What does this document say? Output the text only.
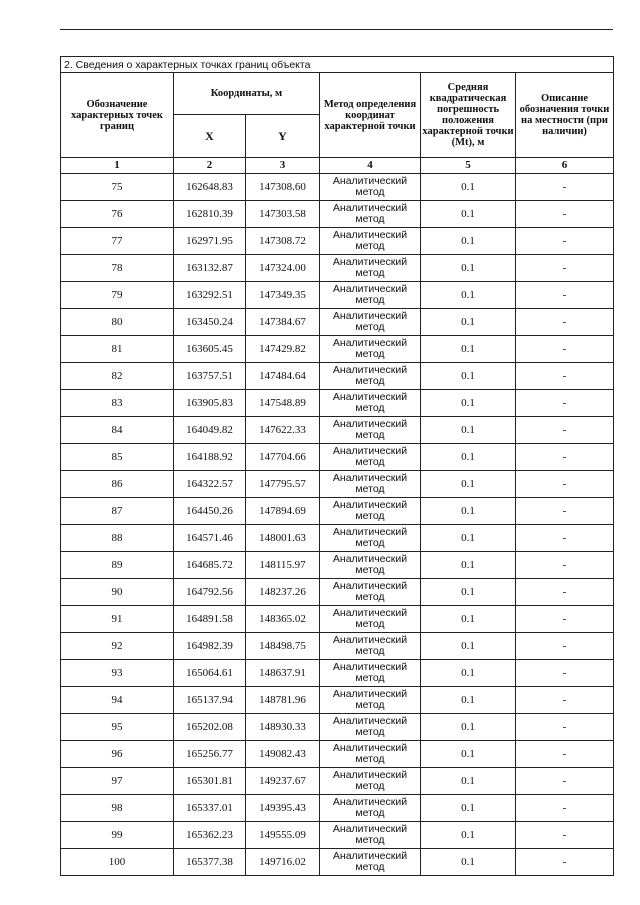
2. Сведения о характерных точках границ объекта					
Обозначение характерных точек границ	Координаты, м		Метод определения координат характерной точки	Средняя квадратическая погрешность положения характерной точки (Mt), м	Описание обозначения точки на местности (при наличии)
	X	Y			
1	2	3	4	5	6
75	162648.83	147308.60	Аналитический метод	0.1	-
76	162810.39	147303.58	Аналитический метод	0.1	-
77	162971.95	147308.72	Аналитический метод	0.1	-
78	163132.87	147324.00	Аналитический метод	0.1	-
79	163292.51	147349.35	Аналитический метод	0.1	-
80	163450.24	147384.67	Аналитический метод	0.1	-
81	163605.45	147429.82	Аналитический метод	0.1	-
82	163757.51	147484.64	Аналитический метод	0.1	-
83	163905.83	147548.89	Аналитический метод	0.1	-
84	164049.82	147622.33	Аналитический метод	0.1	-
85	164188.92	147704.66	Аналитический метод	0.1	-
86	164322.57	147795.57	Аналитический метод	0.1	-
87	164450.26	147894.69	Аналитический метод	0.1	-
88	164571.46	148001.63	Аналитический метод	0.1	-
89	164685.72	148115.97	Аналитический метод	0.1	-
90	164792.56	148237.26	Аналитический метод	0.1	-
91	164891.58	148365.02	Аналитический метод	0.1	-
92	164982.39	148498.75	Аналитический метод	0.1	-
93	165064.61	148637.91	Аналитический метод	0.1	-
94	165137.94	148781.96	Аналитический метод	0.1	-
95	165202.08	148930.33	Аналитический метод	0.1	-
96	165256.77	149082.43	Аналитический метод	0.1	-
97	165301.81	149237.67	Аналитический метод	0.1	-
98	165337.01	149395.43	Аналитический метод	0.1	-
99	165362.23	149555.09	Аналитический метод	0.1	-
100	165377.38	149716.02	Аналитический метод	0.1	-
